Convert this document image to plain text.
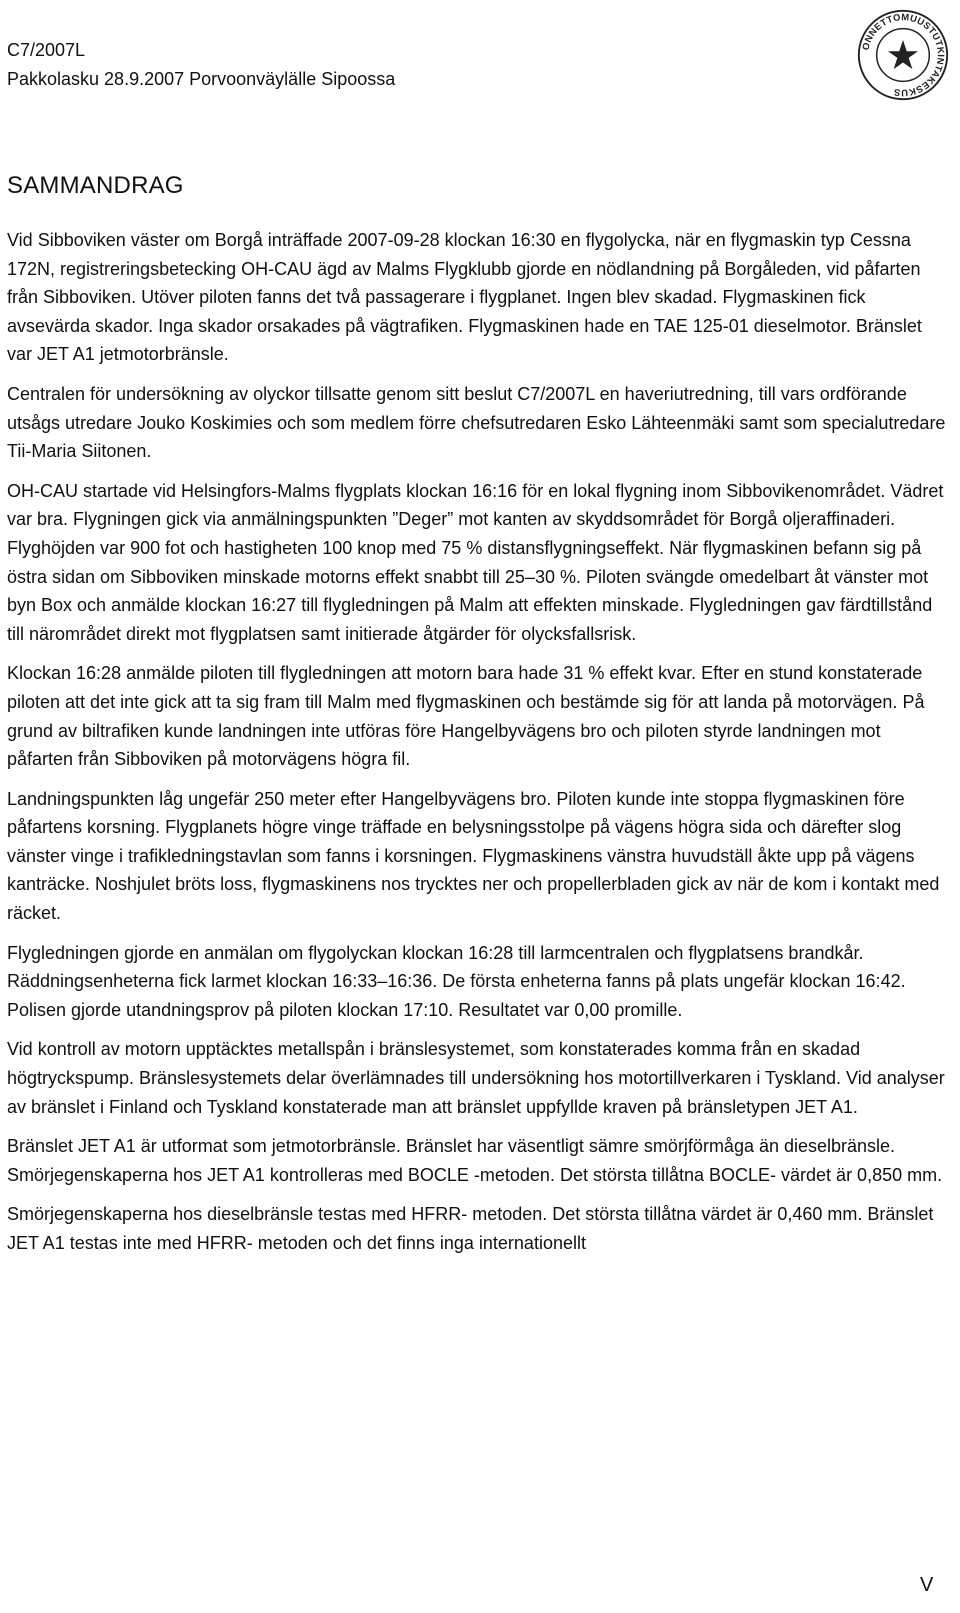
C7/2007L
Pakkolasku 28.9.2007 Porvoonväylälle Sipoossa
ONNETTOMUUSTUTKINTAKESKUS
SAMMANDRAG

Vid Sibboviken väster om Borgå inträffade 2007-09-28 klockan 16:30 en flygolycka, när en flygmaskin typ Cessna 172N, registreringsbetecking OH-CAU ägd av Malms Flygklubb gjorde en nödlandning på Borgåleden, vid påfarten från Sibboviken. Utöver piloten fanns det två passagerare i flygplanet. Ingen blev skadad. Flygmaskinen fick avsevärda skador. Inga skador orsakades på vägtrafiken. Flygmaskinen hade en TAE 125-01 dieselmotor. Bränslet var JET A1 jetmotorbränsle.

Centralen för undersökning av olyckor tillsatte genom sitt beslut C7/2007L en haveriutredning, till vars ordförande utsågs utredare Jouko Koskimies och som medlem förre chefsutredaren Esko Lähteenmäki samt som specialutredare Tii-Maria Siitonen.

OH-CAU startade vid Helsingfors-Malms flygplats klockan 16:16 för en lokal flygning inom Sibbovikenområdet. Vädret var bra. Flygningen gick via anmälningspunkten ”Deger” mot kanten av skyddsområdet för Borgå oljeraffinaderi. Flyghöjden var 900 fot och hastigheten 100 knop med 75 % distansflygningseffekt. När flygmaskinen befann sig på östra sidan om Sibboviken minskade motorns effekt snabbt till 25–30 %. Piloten svängde omedelbart åt vänster mot byn Box och anmälde klockan 16:27 till flygledningen på Malm att effekten minskade. Flygledningen gav färdtillstånd till närområdet direkt mot flygplatsen samt initierade åtgärder för olycksfallsrisk.

Klockan 16:28 anmälde piloten till flygledningen att motorn bara hade 31 % effekt kvar. Efter en stund konstaterade piloten att det inte gick att ta sig fram till Malm med flygmaskinen och bestämde sig för att landa på motorvägen. På grund av biltrafiken kunde landningen inte utföras före Hangelbyvägens bro och piloten styrde landningen mot påfarten från Sibboviken på motorvägens högra fil.

Landningspunkten låg ungefär 250 meter efter Hangelbyvägens bro. Piloten kunde inte stoppa flygmaskinen före påfartens korsning. Flygplanets högre vinge träffade en belysningsstolpe på vägens högra sida och därefter slog vänster vinge i trafikledningstavlan som fanns i korsningen. Flygmaskinens vänstra huvudställ åkte upp på vägens kanträcke. Noshjulet bröts loss, flygmaskinens nos trycktes ner och propellerbladen gick av när de kom i kontakt med räcket.

Flygledningen gjorde en anmälan om flygolyckan klockan 16:28 till larmcentralen och flygplatsens brandkår. Räddningsenheterna fick larmet klockan 16:33–16:36. De första enheterna fanns på plats ungefär klockan 16:42. Polisen gjorde utandningsprov på piloten klockan 17:10. Resultatet var 0,00 promille.

Vid kontroll av motorn upptäcktes metallspån i bränslesystemet, som konstaterades komma från en skadad högtryckspump. Bränslesystemets delar överlämnades till undersökning hos motortillverkaren i Tyskland. Vid analyser av bränslet i Finland och Tyskland konstaterade man att bränslet uppfyllde kraven på bränsletypen JET A1.

Bränslet JET A1 är utformat som jetmotorbränsle. Bränslet har väsentligt sämre smörjförmåga än dieselbränsle. Smörjegenskaperna hos JET A1 kontrolleras med BOCLE -metoden. Det största tillåtna BOCLE- värdet är 0,850 mm.

Smörjegenskaperna hos dieselbränsle testas med HFRR- metoden. Det största tillåtna värdet är 0,460 mm. Bränslet JET A1 testas inte med HFRR- metoden och det finns inga internationellt

V
